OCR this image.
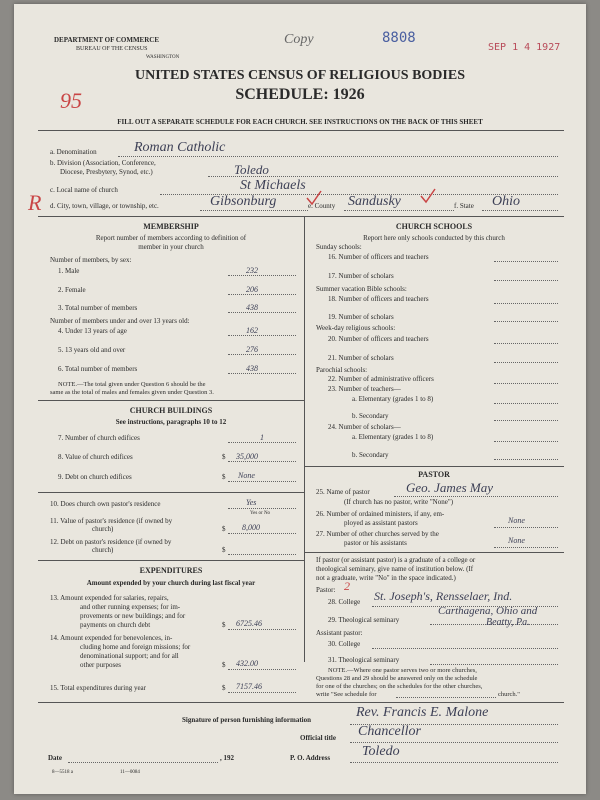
DEPARTMENT OF COMMERCE
BUREAU OF THE CENSUS
WASHINGTON
Copy	8808
SEP 1 4 1927
UNITED STATES CENSUS OF RELIGIOUS BODIES
SCHEDULE: 1926
95
FILL OUT A SEPARATE SCHEDULE FOR EACH CHURCH. SEE INSTRUCTIONS ON THE BACK OF THIS SHEET
R
a. Denomination	Roman Catholic
b. Division (Association, Conference,
Diocese, Presbytery, Synod, etc.)	Toledo
c. Local name of church	St Michaels
d. City, town, village, or township, etc.	Gibsonburg	e. County Sandusky	f. State Ohio
MEMBERSHIP
Report number of members according to definition of
member in your church
Number of members, by sex:
1. Male	232
2. Female	206
3. Total number of members	438
Number of members under and over 13 years old:
4. Under 13 years of age	162
5. 13 years old and over	276
6. Total number of members	438
NOTE.—The total given under Question 6 should be the
same as the total of males and females given under Question 3.
CHURCH BUILDINGS
See instructions, paragraphs 10 to 12
7. Number of church edifices	1
8. Value of church edifices	$ 35,000
9. Debt on church edifices	$ None
10. Does church own pastor's residence	Yes
Yes or No
11. Value of pastor's residence (if owned by
church)	$ 8,000
12. Debt on pastor's residence (if owned by
church)	$
EXPENDITURES
Amount expended by your church during last fiscal year
13. Amount expended for salaries, repairs,
and other running expenses; for im-
provements or new buildings; and for
payments on church debt	$ 6725.46
14. Amount expended for benevolences, in-
cluding home and foreign missions; for
denominational support; and for all
other purposes	$ 432.00
15. Total expenditures during year	$ 7157.46
CHURCH SCHOOLS
Report here only schools conducted by this church
Sunday schools:
16. Number of officers and teachers
17. Number of scholars
Summer vacation Bible schools:
18. Number of officers and teachers
19. Number of scholars
Week-day religious schools:
20. Number of officers and teachers
21. Number of scholars
Parochial schools:
22. Number of administrative officers
23. Number of teachers—
a. Elementary (grades 1 to 8)
b. Secondary
24. Number of scholars—
a. Elementary (grades 1 to 8)
b. Secondary
PASTOR
25. Name of pastor	Geo. James May
(If church has no pastor, write "None")
26. Number of ordained ministers, if any, em-
ployed as assistant pastors	None
27. Number of other churches served by the
pastor or his assistants	None
If pastor (or assistant pastor) is a graduate of a college or
theological seminary, give name of institution below. (If
not a graduate, write "No" in the space indicated.)
Pastor: 2
28. College St. Joseph's, Rensselaer, Ind.
29. Theological seminary
Carthagena, Ohio and
Beatty, Pa.
Assistant pastor:
30. College
31. Theological seminary
NOTE.—Where one pastor serves two or more churches,
Questions 28 and 29 should be answered only on the schedule
for one of the churches; on the schedules for the other churches,
write "See schedule for	church."
Signature of person furnishing information	Rev. Francis E. Malone
Official title Chancellor
Date	, 192	P. O. Address Toledo
8—5518 a	11—0084
